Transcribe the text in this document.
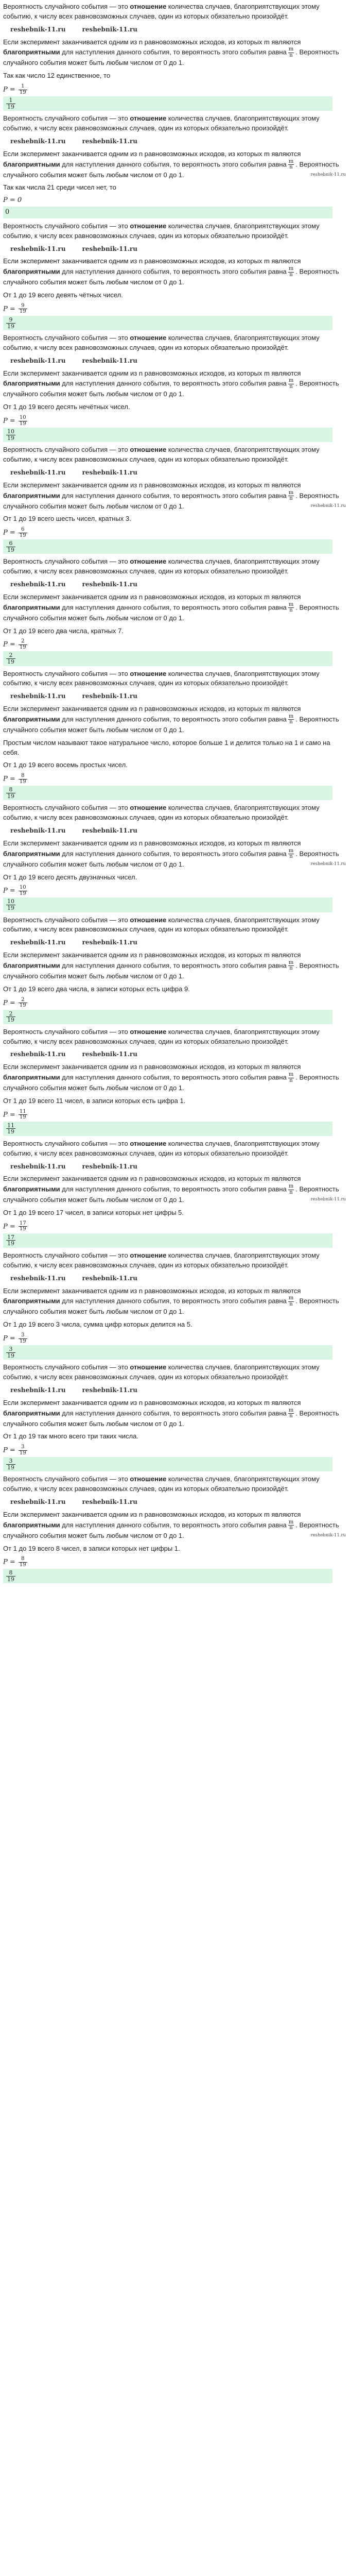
Вероятность случайного события — это отношение количества случаев, благоприятствующих этому событию, к числу всех равновозможных случаев, один из которых обязательно произойдёт.
reshebnik-11.ru	reshebnik-11.ru
Если эксперимент заканчивается одним из n равновозможных исходов, из которых m являются благоприятными для наступления данного события, то вероятность этого события равна $\frac{m}{n}$ . Вероятность случайного события может быть любым числом от 0 до 1.
Так как число 12 единственное, то
$P = \frac{1}{19}$
$\frac{1}{19}$
Вероятность случайного события — это отношение количества случаев, благоприятствующих этому событию, к числу всех равновозможных случаев, один из которых обязательно произойдёт.
reshebnik-11.ru	reshebnik-11.ru
Если эксперимент заканчивается одним из n равновозможных исходов, из которых m являются благоприятными для наступления данного события, то вероятность этого события равна $\frac{m}{n}$ . Вероятность случайного события может быть любым числом от 0 до 1.	reshebnik-11.ru
Так как числа 21 среди чисел нет, то
P = 0
0
Вероятность случайного события — это отношение количества случаев, благоприятствующих этому событию, к числу всех равновозможных случаев, один из которых обязательно произойдёт.
reshebnik-11.ru	reshebnik-11.ru
Если эксперимент заканчивается одним из n равновозможных исходов, из которых m являются благоприятными для наступления данного события, то вероятность этого события равна $\frac{m}{n}$ . Вероятность случайного события может быть любым числом от 0 до 1.
От 1 до 19 всего девять чётных чисел.
$P = \frac{9}{19}$
$\frac{9}{19}$
Вероятность случайного события — это отношение количества случаев, благоприятствующих этому событию, к числу всех равновозможных случаев, один из которых обязательно произойдёт.
reshebnik-11.ru	reshebnik-11.ru
Если эксперимент заканчивается одним из n равновозможных исходов, из которых m являются благоприятными для наступления данного события, то вероятность этого события равна $\frac{m}{n}$ . Вероятность случайного события может быть любым числом от 0 до 1.
От 1 до 19 всего десять нечётных чисел.
$P = \frac{10}{19}$
$\frac{10}{19}$
Вероятность случайного события — это отношение количества случаев, благоприятствующих этому событию, к числу всех равновозможных случаев, один из которых обязательно произойдёт.
reshebnik-11.ru	reshebnik-11.ru
Если эксперимент заканчивается одним из n равновозможных исходов, из которых m являются благоприятными для наступления данного события, то вероятность этого события равна $\frac{m}{n}$ . Вероятность случайного события может быть любым числом от 0 до 1.	reshebnik-11.ru
От 1 до 19 всего шесть чисел, кратных 3.
$P = \frac{6}{19}$
$\frac{6}{19}$
Вероятность случайного события — это отношение количества случаев, благоприятствующих этому событию, к числу всех равновозможных случаев, один из которых обязательно произойдёт.
reshebnik-11.ru	reshebnik-11.ru
Если эксперимент заканчивается одним из n равновозможных исходов, из которых m являются благоприятными для наступления данного события, то вероятность этого события равна $\frac{m}{n}$ . Вероятность случайного события может быть любым числом от 0 до 1.
От 1 до 19 всего два числа, кратных 7.
$P = \frac{2}{19}$
$\frac{2}{19}$
Вероятность случайного события — это отношение количества случаев, благоприятствующих этому событию, к числу всех равновозможных случаев, один из которых обязательно произойдёт.
reshebnik-11.ru	reshebnik-11.ru
Если эксперимент заканчивается одним из n равновозможных исходов, из которых m являются благоприятными для наступления данного события, то вероятность этого события равна $\frac{m}{n}$ . Вероятность случайного события может быть любым числом от 0 до 1.
Простым числом называют такое натуральное число, которое больше 1 и делится только на 1 и само на себя.
От 1 до 19 всего восемь простых чисел.
$P = \frac{8}{19}$
$\frac{8}{19}$
Вероятность случайного события — это отношение количества случаев, благоприятствующих этому событию, к числу всех равновозможных случаев, один из которых обязательно произойдёт.
reshebnik-11.ru	reshebnik-11.ru
Если эксперимент заканчивается одним из n равновозможных исходов, из которых m являются благоприятными для наступления данного события, то вероятность этого события равна $\frac{m}{n}$ . Вероятность случайного события может быть любым числом от 0 до 1.	reshebnik-11.ru
От 1 до 19 всего десять двузначных чисел.
$P = \frac{10}{19}$
$\frac{10}{19}$
Вероятность случайного события — это отношение количества случаев, благоприятствующих этому событию, к числу всех равновозможных случаев, один из которых обязательно произойдёт.
reshebnik-11.ru	reshebnik-11.ru
Если эксперимент заканчивается одним из n равновозможных исходов, из которых m являются благоприятными для наступления данного события, то вероятность этого события равна $\frac{m}{n}$ . Вероятность случайного события может быть любым числом от 0 до 1.
От 1 до 19 всего два числа, в записи которых есть цифра 9.
$P = \frac{2}{19}$
$\frac{2}{19}$
Вероятность случайного события — это отношение количества случаев, благоприятствующих этому событию, к числу всех равновозможных случаев, один из которых обязательно произойдёт.
reshebnik-11.ru	reshebnik-11.ru
Если эксперимент заканчивается одним из n равновозможных исходов, из которых m являются благоприятными для наступления данного события, то вероятность этого события равна $\frac{m}{n}$ . Вероятность случайного события может быть любым числом от 0 до 1.
От 1 до 19 всего 11 чисел, в записи которых есть цифра 1.
$P = \frac{11}{19}$
$\frac{11}{19}$
Вероятность случайного события — это отношение количества случаев, благоприятствующих этому событию, к числу всех равновозможных случаев, один из которых обязательно произойдёт.
reshebnik-11.ru	reshebnik-11.ru
Если эксперимент заканчивается одним из n равновозможных исходов, из которых m являются благоприятными для наступления данного события, то вероятность этого события равна $\frac{m}{n}$ . Вероятность случайного события может быть любым числом от 0 до 1.	reshebnik-11.ru
От 1 до 19 всего 17 чисел, в записи которых нет цифры 5.
$P = \frac{17}{19}$
$\frac{17}{19}$
Вероятность случайного события — это отношение количества случаев, благоприятствующих этому событию, к числу всех равновозможных случаев, один из которых обязательно произойдёт.
reshebnik-11.ru	reshebnik-11.ru
Если эксперимент заканчивается одним из n равновозможных исходов, из которых m являются благоприятными для наступления данного события, то вероятность этого события равна $\frac{m}{n}$ . Вероятность случайного события может быть любым числом от 0 до 1.
От 1 до 19 всего 3 числа, сумма цифр которых делится на 5.
$P = \frac{3}{19}$
$\frac{3}{19}$
Вероятность случайного события — это отношение количества случаев, благоприятствующих этому событию, к числу всех равновозможных случаев, один из которых обязательно произойдёт.
reshebnik-11.ru	reshebnik-11.ru
Если эксперимент заканчивается одним из n равновозможных исходов, из которых m являются благоприятными для наступления данного события, то вероятность этого события равна $\frac{m}{n}$ . Вероятность случайного события может быть любым числом от 0 до 1.
От 1 до 19 так много всего три таких числа.
$P = \frac{3}{19}$
$\frac{3}{19}$
Вероятность случайного события — это отношение количества случаев, благоприятствующих этому событию, к числу всех равновозможных случаев, один из которых обязательно произойдёт.
reshebnik-11.ru	reshebnik-11.ru
Если эксперимент заканчивается одним из n равновозможных исходов, из которых m являются благоприятными для наступления данного события, то вероятность этого события равна $\frac{m}{n}$ . Вероятность случайного события может быть любым числом от 0 до 1.	reshebnik-11.ru
От 1 до 19 всего 8 чисел, в записи которых нет цифры 1.
$P = \frac{8}{19}$
$\frac{8}{19}$
